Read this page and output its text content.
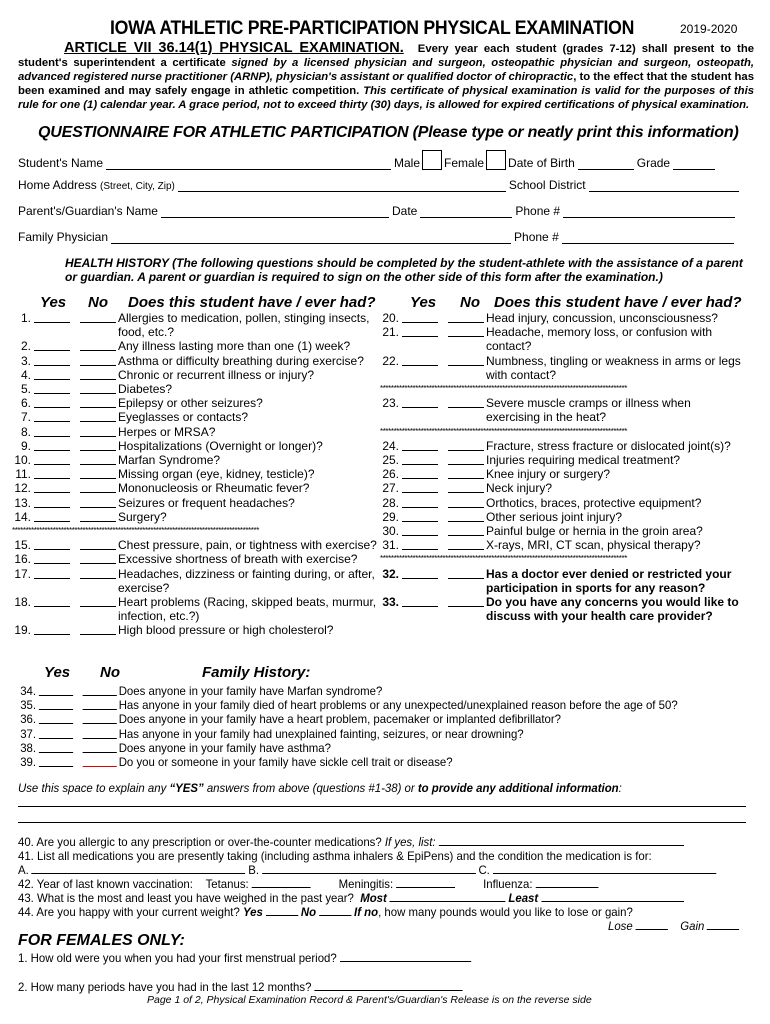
IOWA ATHLETIC PRE-PARTICIPATION PHYSICAL EXAMINATION	2019-2020
ARTICLE VII 36.14(1) PHYSICAL EXAMINATION. Every year each student (grades 7-12) shall present to the student's superintendent a certificate signed by a licensed physician and surgeon, osteopathic physician and surgeon, osteopath, advanced registered nurse practitioner (ARNP), physician's assistant or qualified doctor of chiropractic, to the effect that the student has been examined and may safely engage in athletic competition. This certificate of physical examination is valid for the purposes of this rule for one (1) calendar year. A grace period, not to exceed thirty (30) days, is allowed for expired certifications of physical examination.
QUESTIONNAIRE FOR ATHLETIC PARTICIPATION (Please type or neatly print this information)
Student's Name	Male Female Date of Birth	Grade
Home Address
(Street, City, Zip)	School District
Parent's/Guardian's Name	Date	Phone #
Family Physician	Phone #
HEALTH HISTORY (The following questions should be completed by the student-athlete with the assistance of a parent or guardian. A parent or guardian is required to sign on the other side of this form after the examination.)
Yes No Does this student have / ever had? Yes No Does this student have / ever had?
1.	Allergies to medication, pollen, stinging insects, food, etc.?
2.	Any illness lasting more than one (1) week?
3.	Asthma or difficulty breathing during exercise?
4.	Chronic or recurrent illness or injury?
5.	Diabetes?
6.	Epilepsy or other seizures?
7.	Eyeglasses or contacts?
8.	Herpes or MRSA?
9.	Hospitalizations (Overnight or longer)?
10.	Marfan Syndrome?
11.	Missing organ (eye, kidney, testicle)?
12.	Mononucleosis or Rheumatic fever?
13.	Seizures or frequent headaches?
14.	Surgery?
*******************************************************************************************
15.	Chest pressure, pain, or tightness with exercise?
16.	Excessive shortness of breath with exercise?
17.	Headaches, dizziness or fainting during, or after, exercise?
18.	Heart problems (Racing, skipped beats, murmur, infection, etc.?)
19.	High blood pressure or high cholesterol?
20.	Head injury, concussion, unconsciousness?
21.	Headache, memory loss, or confusion with contact?
22.	Numbness, tingling or weakness in arms or legs with contact?
*******************************************************************************************
23.	Severe muscle cramps or illness when exercising in the heat?
*******************************************************************************************
24.	Fracture, stress fracture or dislocated joint(s)?
25.	Injuries requiring medical treatment?
26.	Knee injury or surgery?
27.	Neck injury?
28.	Orthotics, braces, protective equipment?
29.	Other serious joint injury?
30.	Painful bulge or hernia in the groin area?
31.	X-rays, MRI, CT scan, physical therapy?
*******************************************************************************************
32.	Has a doctor ever denied or restricted your participation in sports for any reason?
33.	Do you have any concerns you would like to discuss with your health care provider?
Yes No	Family History:
34.	Does anyone in your family have Marfan syndrome?
35.	Has anyone in your family died of heart problems or any unexpected/unexplained reason before the age of 50?
36.	Does anyone in your family have a heart problem, pacemaker or implanted defibrillator?
37.	Has anyone in your family had unexplained fainting, seizures, or near drowning?
38.	Does anyone in your family have asthma?
39.	Do you or someone in your family have sickle cell trait or disease?
Use this space to explain any “YES” answers from above (questions #1-38) or to provide any additional information:
40. Are you allergic to any prescription or over-the-counter medications? If yes, list:
41. List all medications you are presently taking (including asthma inhalers & EpiPens) and the condition the medication is for:
A.	B.	C.
42. Year of last known vaccination: Tetanus:	Meningitis:	Influenza:
43. What is the most and least you have weighed in the past year? Most	Least
44. Are you happy with your current weight? Yes	No	If no, how many pounds would you like to lose or gain?
Lose	Gain
FOR FEMALES ONLY:
1. How old were you when you had your first menstrual period?
2. How many periods have you had in the last 12 months?
Page 1 of 2, Physical Examination Record & Parent's/Guardian's Release is on the reverse side
